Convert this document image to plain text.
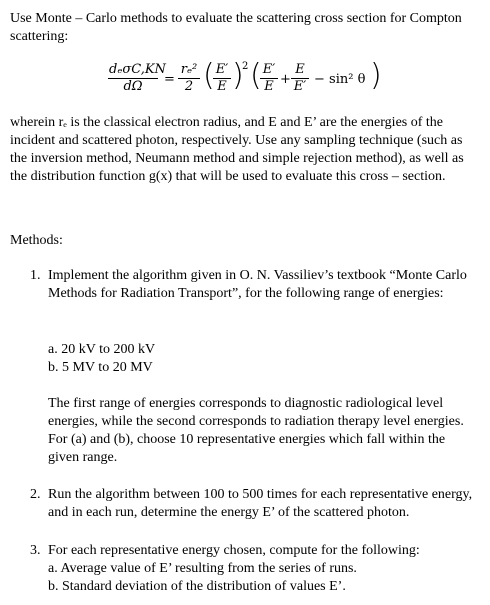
Use Monte – Carlo methods to evaluate the scattering cross section for Compton scattering:

dₑσC,KN
dΩ	= $\frac{\text{rₑ²}}{2}$ (
$\frac{E'}{E}$ )
2 (
$\frac{E'}{E} + \frac{E}{E'} - \sin^2$ θ )

wherein rₑ is the classical electron radius, and E and E’ are the energies of the incident and scattered photon, respectively. Use any sampling technique (such as the inversion method, Neumann method and simple rejection method), as well as the distribution function g(x) that will be used to evaluate this cross – section.

Methods:

1. Implement the algorithm given in O. N. Vassiliev’s textbook “Monte Carlo Methods for Radiation Transport”, for the following range of energies:

a. 20 kV to 200 kV

b. 5 MV to 20 MV

The first range of energies corresponds to diagnostic radiological level energies, while the second corresponds to radiation therapy level energies. For (a) and (b), choose 10 representative energies which fall within the given range.

2. Run the algorithm between 100 to 500 times for each representative energy, and in each run, determine the energy E’ of the scattered photon.

3. For each representative energy chosen, compute for the following:

a. Average value of E’ resulting from the series of runs.

b. Standard deviation of the distribution of values E’.
